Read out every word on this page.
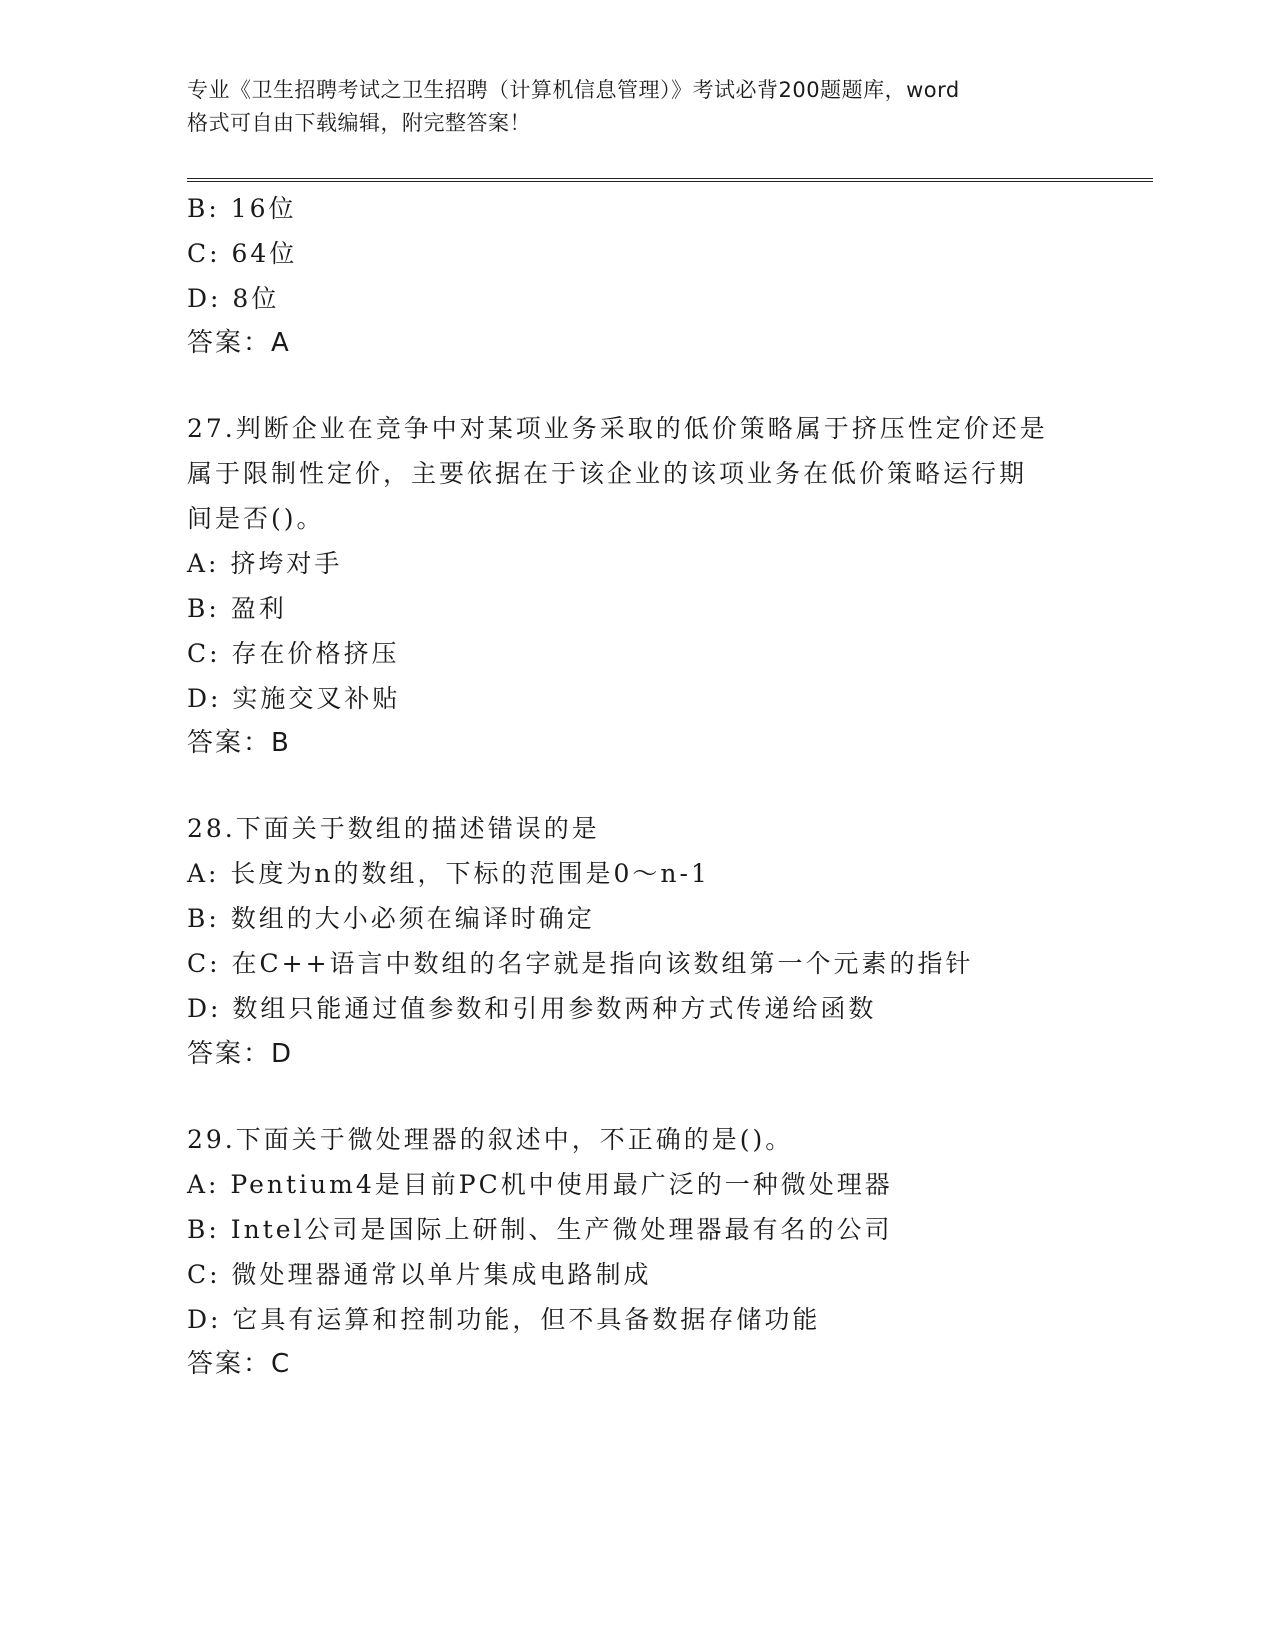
专业《卫生招聘考试之卫生招聘（计算机信息管理）》考试必背200题题库，word
格式可自由下载编辑，附完整答案！
B: 16位
C: 64位
D: 8位
答案：A
27.判断企业在竞争中对某项业务采取的低价策略属于挤压性定价还是
属于限制性定价，主要依据在于该企业的该项业务在低价策略运行期
间是否()。
A: 挤垮对手
B: 盈利
C: 存在价格挤压
D: 实施交叉补贴
答案：B
28.下面关于数组的描述错误的是
A: 长度为n的数组，下标的范围是0～n-1
B: 数组的大小必须在编译时确定
C: 在C++语言中数组的名字就是指向该数组第一个元素的指针
D: 数组只能通过值参数和引用参数两种方式传递给函数
答案：D
29.下面关于微处理器的叙述中，不正确的是()。
A: Pentium4是目前PC机中使用最广泛的一种微处理器
B: Intel公司是国际上研制、生产微处理器最有名的公司
C: 微处理器通常以单片集成电路制成
D: 它具有运算和控制功能，但不具备数据存储功能
答案：C
